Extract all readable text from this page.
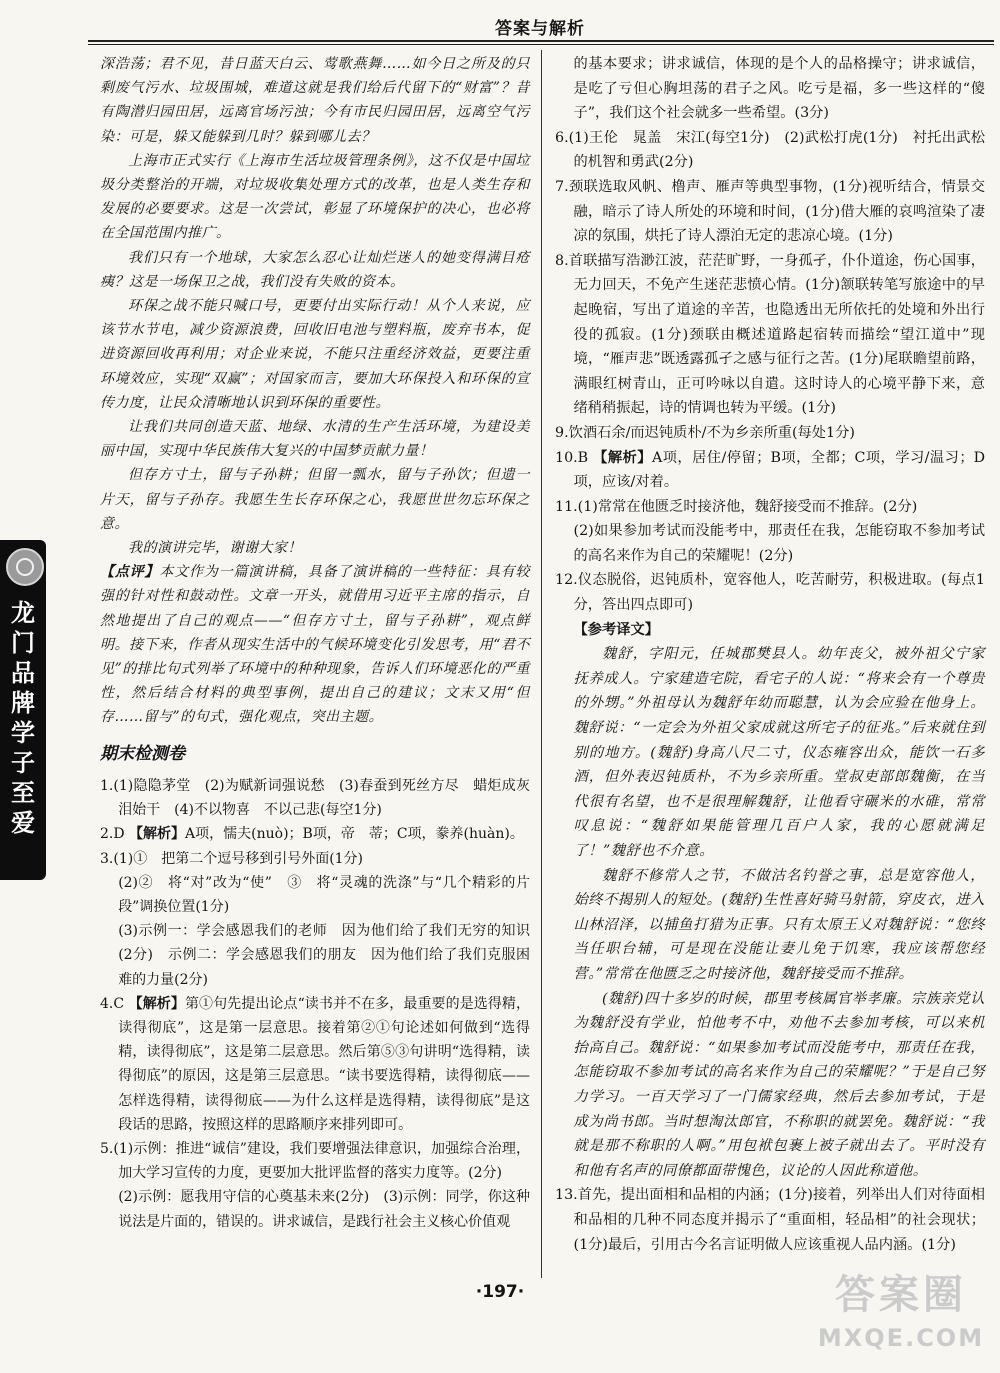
答案与解析

深浩荡；君不见，昔日蓝天白云、莺歌燕舞……如今日之所及的只剩废气污水、垃圾围城，难道这就是我们给后代留下的“财富”？昔有陶潜归园田居，远离官场污浊；今有市民归园田居，远离空气污染：可是，躲又能躲到几时？躲到哪儿去？

上海市正式实行《上海市生活垃圾管理条例》，这不仅是中国垃圾分类整治的开端，对垃圾收集处理方式的改革，也是人类生存和发展的必要要求。这是一次尝试，彰显了环境保护的决心，也必将在全国范围内推广。

我们只有一个地球，大家怎么忍心让灿烂迷人的她变得满目疮痍？这是一场保卫之战，我们没有失败的资本。

环保之战不能只喊口号，更要付出实际行动！从个人来说，应该节水节电，减少资源浪费，回收旧电池与塑料瓶，废弃书本，促进资源回收再利用；对企业来说，不能只注重经济效益，更要注重环境效应，实现“双赢”；对国家而言，要加大环保投入和环保的宣传力度，让民众清晰地认识到环保的重要性。

让我们共同创造天蓝、地绿、水清的生产生活环境，为建设美丽中国，实现中华民族伟大复兴的中国梦贡献力量！

但存方寸土，留与子孙耕；但留一瓢水，留与子孙饮；但遗一片天，留与子孙存。我愿生生长存环保之心，我愿世世勿忘环保之意。

我的演讲完毕，谢谢大家！

【点评】本文作为一篇演讲稿，具备了演讲稿的一些特征：具有较强的针对性和鼓动性。文章一开头，就借用习近平主席的指示，自然地提出了自己的观点——“但存方寸土，留与子孙耕”，观点鲜明。接下来，作者从现实生活中的气候环境变化引发思考，用“君不见”的排比句式列举了环境中的种种现象，告诉人们环境恶化的严重性，然后结合材料的典型事例，提出自己的建议；文末又用“但存……留与”的句式，强化观点，突出主题。

期末检测卷

1.(1)隐隐茅堂　(2)为赋新词强说愁　(3)春蚕到死丝方尽　蜡炬成灰泪始干　(4)不以物喜　不以己悲(每空1分)

2.D 【解析】A项，懦夫(nuò)；B项，帝　蒂；C项，豢养(huàn)。

3.(1)①　把第二个逗号移到引号外面(1分)

(2)②　将“对”改为“使”　③　将“灵魂的洗涤”与“几个精彩的片段”调换位置(1分)

(3)示例一：学会感恩我们的老师　因为他们给了我们无穷的知识(2分)　示例二：学会感恩我们的朋友　因为他们给了我们克服困难的力量(2分)

4.C 【解析】第①句先提出论点“读书并不在多，最重要的是选得精，读得彻底”，这是第一层意思。接着第②①句论述如何做到“选得精，读得彻底”，这是第二层意思。然后第⑤③句讲明“选得精，读得彻底”的原因，这是第三层意思。“读书要选得精，读得彻底——怎样选得精，读得彻底——为什么这样是选得精，读得彻底”是这段话的思路，按照这样的思路顺序来排列即可。

5.(1)示例：推进“诚信”建设，我们要增强法律意识，加强综合治理，加大学习宣传的力度，更要加大批评监督的落实力度等。(2分)

(2)示例：愿我用守信的心奠基未来(2分)　(3)示例：同学，你这种说法是片面的，错误的。讲求诚信，是践行社会主义核心价值观

的基本要求；讲求诚信，体现的是个人的品格操守；讲求诚信，是吃了亏但心胸坦荡的君子之风。吃亏是福，多一些这样的“傻子”，我们这个社会就多一些希望。(3分)

6.(1)王伦　晁盖　宋江(每空1分)　(2)武松打虎(1分)　衬托出武松的机智和勇武(2分)

7.颈联选取风帆、橹声、雁声等典型事物，(1分)视听结合，情景交融，暗示了诗人所处的环境和时间，(1分)借大雁的哀鸣渲染了凄凉的氛围，烘托了诗人漂泊无定的悲凉心境。(1分)

8.首联描写浩渺江波，茫茫旷野，一身孤孑，仆仆道途，伤心国事，无力回天，不免产生迷茫悲愤心情。(1分)颔联转笔写旅途中的早起晚宿，写出了道途的辛苦，也隐透出无所依托的处境和外出行役的孤寂。(1分)颈联由概述道路起宿转而描绘“望江道中”现境，“雁声悲”既透露孤孑之感与征行之苦。(1分)尾联瞻望前路，满眼红树青山，正可吟咏以自遣。这时诗人的心境平静下来，意绪稍稍振起，诗的情调也转为平缓。(1分)

9.饮酒石余/而迟钝质朴/不为乡亲所重(每处1分)

10.B 【解析】A项，居住/停留；B项，全都；C项，学习/温习；D项，应该/对着。

11.(1)常常在他匮乏时接济他，魏舒接受而不推辞。(2分)

(2)如果参加考试而没能考中，那责任在我，怎能窃取不参加考试的高名来作为自己的荣耀呢！(2分)

12.仪态脱俗，迟钝质朴，宽容他人，吃苦耐劳，积极进取。(每点1分，答出四点即可)

【参考译文】

魏舒，字阳元，任城郡樊县人。幼年丧父，被外祖父宁家抚养成人。宁家建造宅院，看宅子的人说：“将来会有一个尊贵的外甥。”外祖母认为魏舒年幼而聪慧，认为会应验在他身上。魏舒说：“一定会为外祖父家成就这所宅子的征兆。”后来就住到别的地方。(魏舒)身高八尺二寸，仪态雍容出众，能饮一石多酒，但外表迟钝质朴，不为乡亲所重。堂叔吏部郎魏衡，在当代很有名望，也不是很理解魏舒，让他看守碾米的水碓，常常叹息说：“魏舒如果能管理几百户人家，我的心愿就满足了！”魏舒也不介意。

魏舒不修常人之节，不做沽名钓誉之事，总是宽容他人，始终不揭别人的短处。(魏舒)生性喜好骑马射箭，穿皮衣，进入山林沼泽，以捕鱼打猎为正事。只有太原王乂对魏舒说：“您终当任职台辅，可是现在没能让妻儿免于饥寒，我应该帮您经营。”常常在他匮乏之时接济他，魏舒接受而不推辞。

(魏舒)四十多岁的时候，郡里考核属官举孝廉。宗族亲党认为魏舒没有学业，怕他考不中，劝他不去参加考核，可以来机抬高自己。魏舒说：“如果参加考试而没能考中，那责任在我，怎能窃取不参加考试的高名来作为自己的荣耀呢？”于是自己努力学习。一百天学习了一门儒家经典，然后去参加考试，于是成为尚书郎。当时想淘汰郎官，不称职的就罢免。魏舒说：“我就是那不称职的人啊。”用包袱包裹上被子就出去了。平时没有和他有名声的同僚都面带愧色，议论的人因此称道他。

13.首先，提出面相和品相的内涵；(1分)接着，列举出人们对待面相和品相的几种不同态度并揭示了“重面相，轻品相”的社会现状；(1分)最后，引用古今名言证明做人应该重视人品内涵。(1分)

龙门品牌 学子至爱
·197·	答案圈
MXQE.COM
